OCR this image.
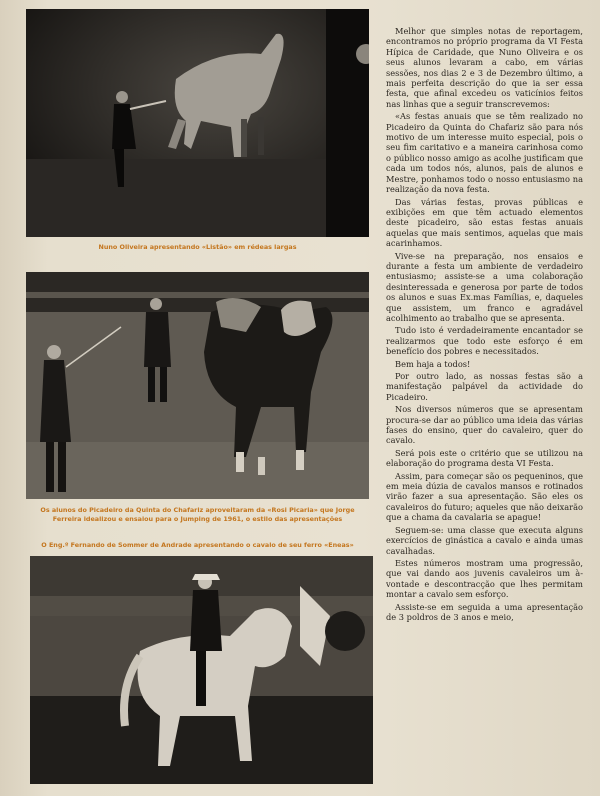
Nuno Oliveira apresentando «Listão» em rédeas largas
Os alunos do Picadeiro da Quinta do Chafariz aproveitaram da «Rosi Picaria» que Jorge Ferreira idealizou e ensaiou para o Jumping de 1961, o estilo das apresentações
O Eng.º Fernando de Sommer de Andrade apresentando o cavalo de seu ferro «Eneas»

Melhor que simples notas de reportagem, encontramos no próprio programa da VI Festa Hípica de Caridade, que Nuno Oliveira e os seus alunos levaram a cabo, em várias sessões, nos dias 2 e 3 de Dezembro último, a mais perfeita descrição do que ia ser essa festa, que afinal excedeu os vaticínios feitos nas linhas que a seguir transcrevemos:

«As festas anuais que se têm realizado no Picadeiro da Quinta do Chafariz são para nós motivo de um interesse muito especial, pois o seu fim caritativo e a maneira carinhosa como o público nosso amigo as acolhe justificam que cada um todos nós, alunos, pais de alunos e Mestre, ponhamos todo o nosso entusiasmo na realização da nova festa.

Das várias festas, provas públicas e exibições em que têm actuado elementos deste picadeiro, são estas festas anuais aquelas que mais sentimos, aquelas que mais acarinhamos.

Vive-se na preparação, nos ensaios e durante a festa um ambiente de verdadeiro entusiasmo; assiste-se a uma colaboração desinteressada e generosa por parte de todos os alunos e suas Ex.mas Famílias, e, daqueles que assistem, um franco e agradável acolhimento ao trabalho que se apresenta.

Tudo isto é verdadeiramente encantador se realizarmos que todo este esforço é em benefício dos pobres e necessitados.

Bem haja a todos!

Por outro lado, as nossas festas são a manifestação palpável da actividade do Picadeiro.

Nos diversos números que se apresentam procura-se dar ao público uma ideia das várias fases do ensino, quer do cavaleiro, quer do cavalo.

Será pois este o critério que se utilizou na elaboração do programa desta VI Festa.

Assim, para começar são os pequeninos, que em meia dúzia de cavalos mansos e rotinados virão fazer a sua apresentação. São eles os cavaleiros do futuro; aqueles que não deixarão que a chama da cavalaria se apague!

Seguem-se: uma classe que executa alguns exercícios de ginástica a cavalo e ainda umas cavalhadas.

Estes números mostram uma progressão, que vai dando aos juvenis cavaleiros um à-vontade e descontracção que lhes permitam montar a cavalo sem esforço.

Assiste-se em seguida a uma apresentação de 3 poldros de 3 anos e meio,
